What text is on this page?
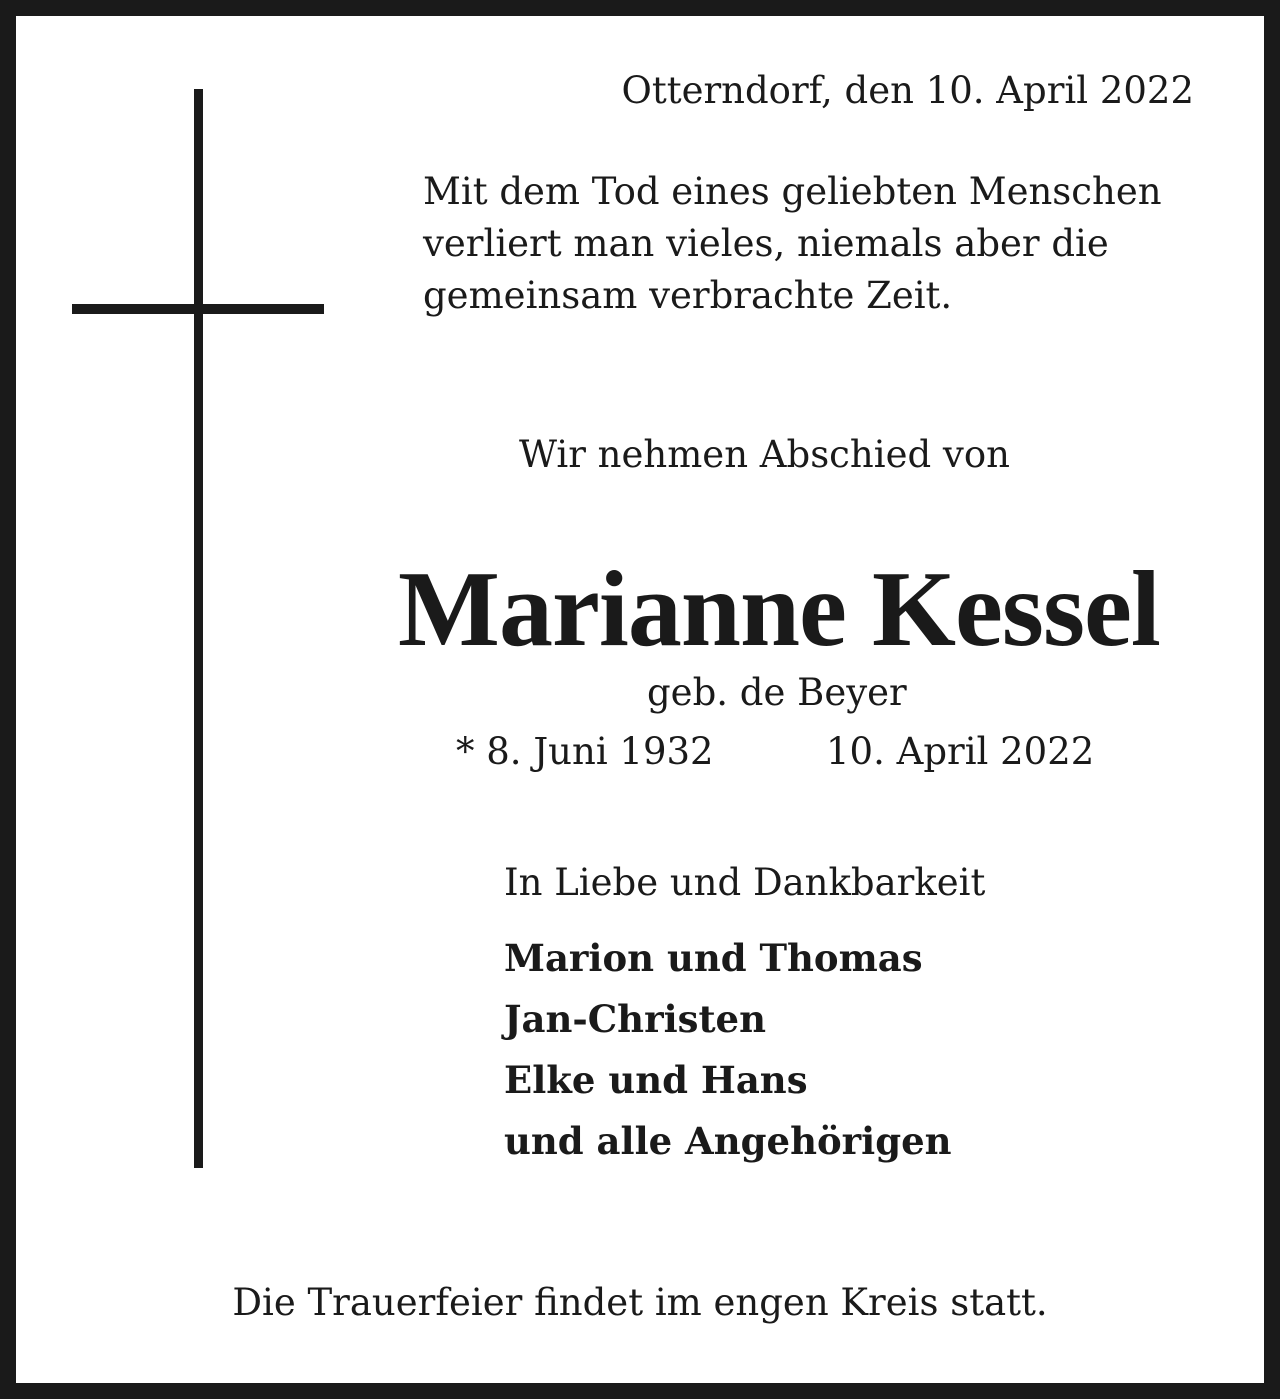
Otterndorf, den 10. April 2022
Mit dem Tod eines geliebten Menschen
verliert man vieles, niemals aber die
gemeinsam verbrachte Zeit.
Wir nehmen Abschied von
Marianne Kessel
geb. de Beyer
* 8. Juni 1932	10. April 2022
In Liebe und Dankbarkeit
Marion und Thomas
Jan-Christen
Elke und Hans
und alle Angehörigen
Die Trauerfeier findet im engen Kreis statt.
